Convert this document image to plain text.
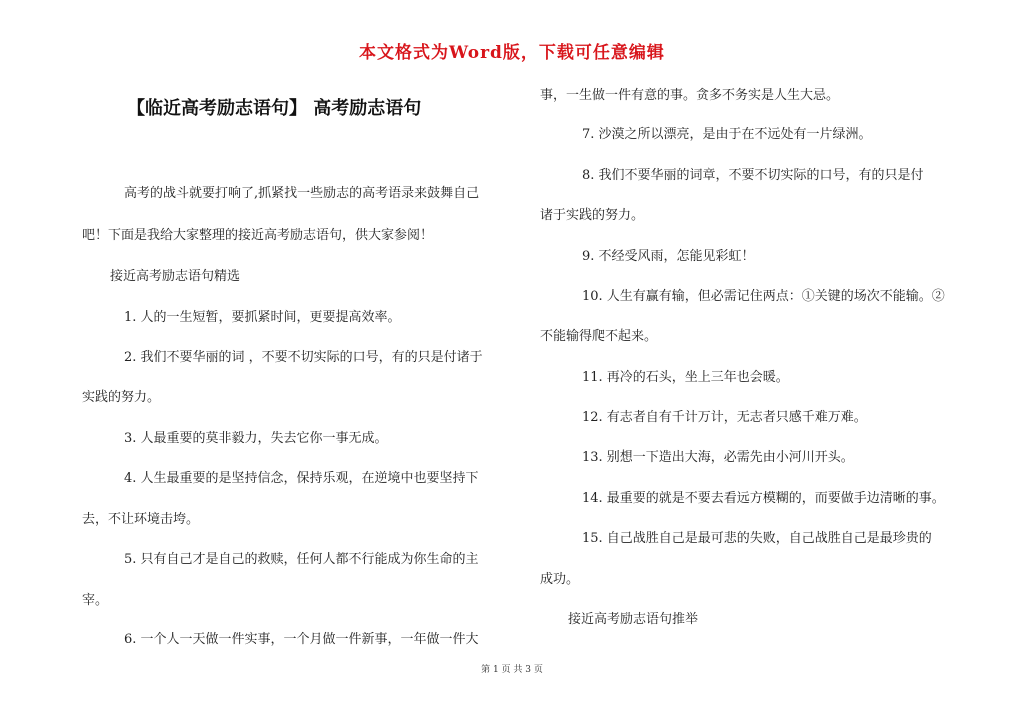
本文格式为Word版，下载可任意编辑
【临近高考励志语句】 高考励志语句

高考的战斗就要打响了,抓紧找一些励志的高考语录来鼓舞自己

吧！下面是我给大家整理的接近高考励志语句，供大家参阅！

接近高考励志语句精选

1. 人的一生短暂，要抓紧时间，更要提高效率。

2. 我们不要华丽的词 ，不要不切实际的口号，有的只是付诸于

实践的努力。

3. 人最重要的莫非毅力，失去它你一事无成。

4. 人生最重要的是坚持信念，保持乐观，在逆境中也要坚持下

去，不让环境击垮。

5. 只有自己才是自己的救赎，任何人都不行能成为你生命的主

宰。

6. 一个人一天做一件实事，一个月做一件新事，一年做一件大

事，一生做一件有意的事。贪多不务实是人生大忌。

7. 沙漠之所以漂亮，是由于在不远处有一片绿洲。

8. 我们不要华丽的词章，不要不切实际的口号，有的只是付

诸于实践的努力。

9. 不经受风雨，怎能见彩虹！

10. 人生有赢有输，但必需记住两点：①关键的场次不能输。②

不能输得爬不起来。

11. 再冷的石头，坐上三年也会暖。

12. 有志者自有千计万计，无志者只感千难万难。

13. 别想一下造出大海，必需先由小河川开头。

14. 最重要的就是不要去看远方模糊的，而要做手边清晰的事。

15. 自己战胜自己是最可悲的失败，自己战胜自己是最珍贵的

成功。

接近高考励志语句推举

第 1 页 共 3 页
